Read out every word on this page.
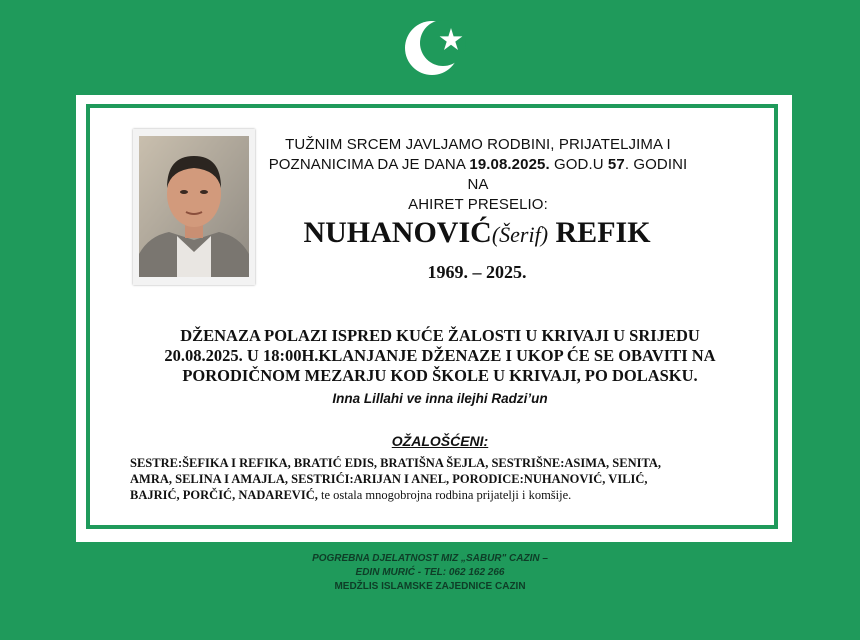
TUŽNIM SRCEM JAVLJAMO RODBINI, PRIJATELJIMA I
POZNANICIMA DA JE DANA 19.08.2025. GOD.U 57. GODINI NA
AHIRET PRESELIO:
NUHANOVIĆ(Šerif) REFIK
1969. – 2025.
DŽENAZA POLAZI ISPRED KUĆE ŽALOSTI U KRIVAJI U SRIJEDU
20.08.2025. U 18:00H.KLANJANJE DŽENAZE I UKOP ĆE SE OBAVITI NA
PORODIČNOM MEZARJU KOD ŠKOLE U KRIVAJI, PO DOLASKU.
Inna Lillahi ve inna ilejhi Radzi’un
OŽALOŠĆENI:
SESTRE:ŠEFIKA I REFIKA, BRATIĆ EDIS, BRATIŠNA ŠEJLA, SESTRIŠNE:ASIMA, SENITA,
AMRA, SELINA I AMAJLA, SESTRIĆI:ARIJAN I ANEL, PORODICE:NUHANOVIĆ, VILIĆ,
BAJRIĆ, PORČIĆ, NADAREVIĆ, te ostala mnogobrojna rodbina prijatelji i komšije.
POGREBNA DJELATNOST MIZ „SABUR" CAZIN –
EDIN MURIĆ - TEL: 062 162 266
MEDŽLIS ISLAMSKE ZAJEDNICE CAZIN
